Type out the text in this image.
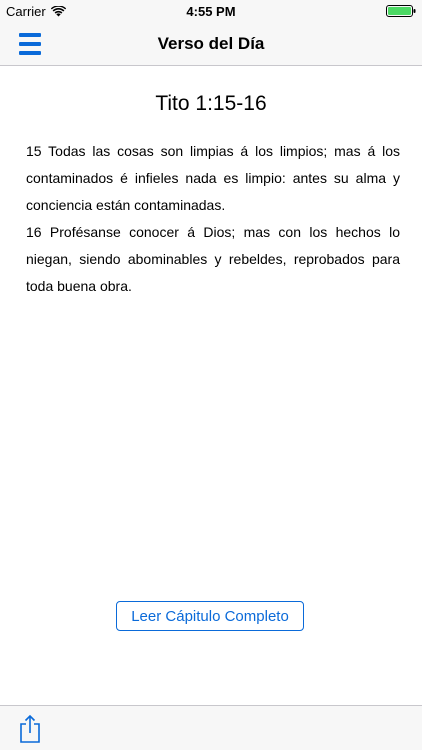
Carrier	4:55 PM
Verso del Día
Tito 1:15-16

15 Todas las cosas son limpias á los limpios; mas á los contaminados é infieles nada es limpio: antes su alma y conciencia están contaminadas.

16 Profésanse conocer á Dios; mas con los hechos lo niegan, siendo abominables y rebeldes, reprobados para toda buena obra.

Leer Cápitulo Completo
